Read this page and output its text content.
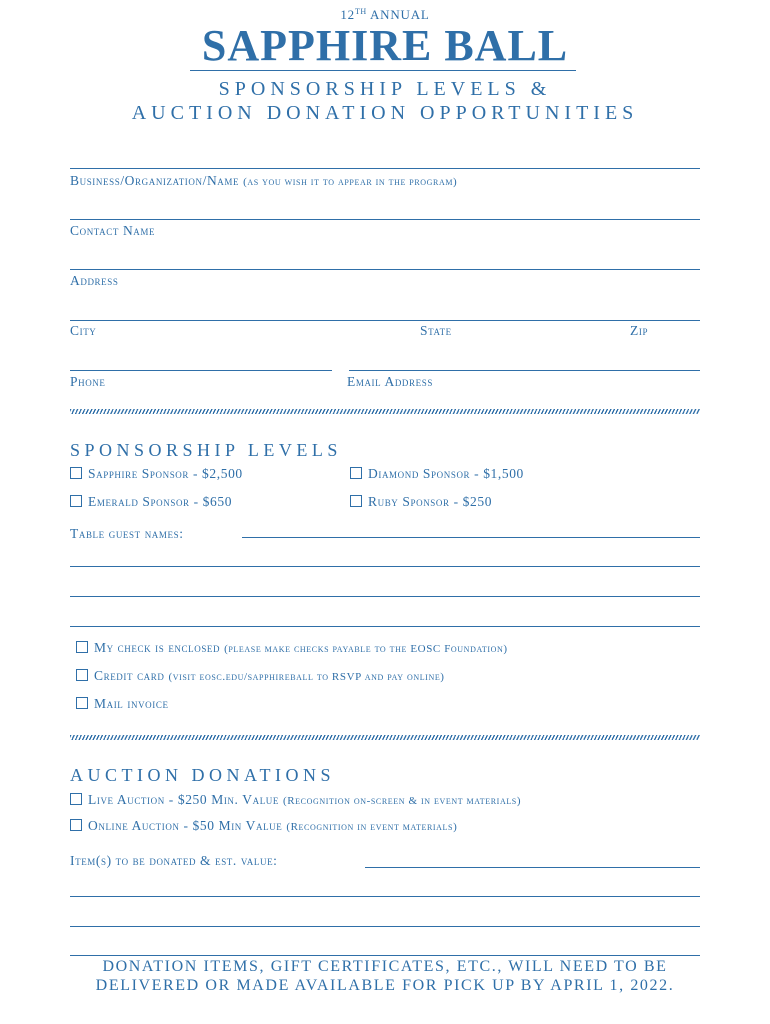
12TH ANNUAL
SAPPHIRE BALL
SPONSORSHIP LEVELS &
AUCTION DONATION OPPORTUNITIES
Business/Organization/Name (as you wish it to appear in the program)
Contact Name
Address
City	State	Zip
Phone	Email Address
SPONSORSHIP LEVELS
Sapphire Sponsor - $2,500	Diamond Sponsor - $1,500
Emerald Sponsor - $650	Ruby Sponsor - $250
Table guest names:
My check is enclosed (please make checks payable to the EOSC Foundation)
Credit card (visit eosc.edu/sapphireball to RSVP and pay online)
Mail invoice
AUCTION DONATIONS
Live Auction - $250 Min. Value (Recognition on-screen & in event materials)
Online Auction - $50 Min Value (Recognition in event materials)
Item(s) to be donated & est. value:
DONATION ITEMS, GIFT CERTIFICATES, ETC., WILL NEED TO BE
DELIVERED OR MADE AVAILABLE FOR PICK UP BY APRIL 1, 2022.
